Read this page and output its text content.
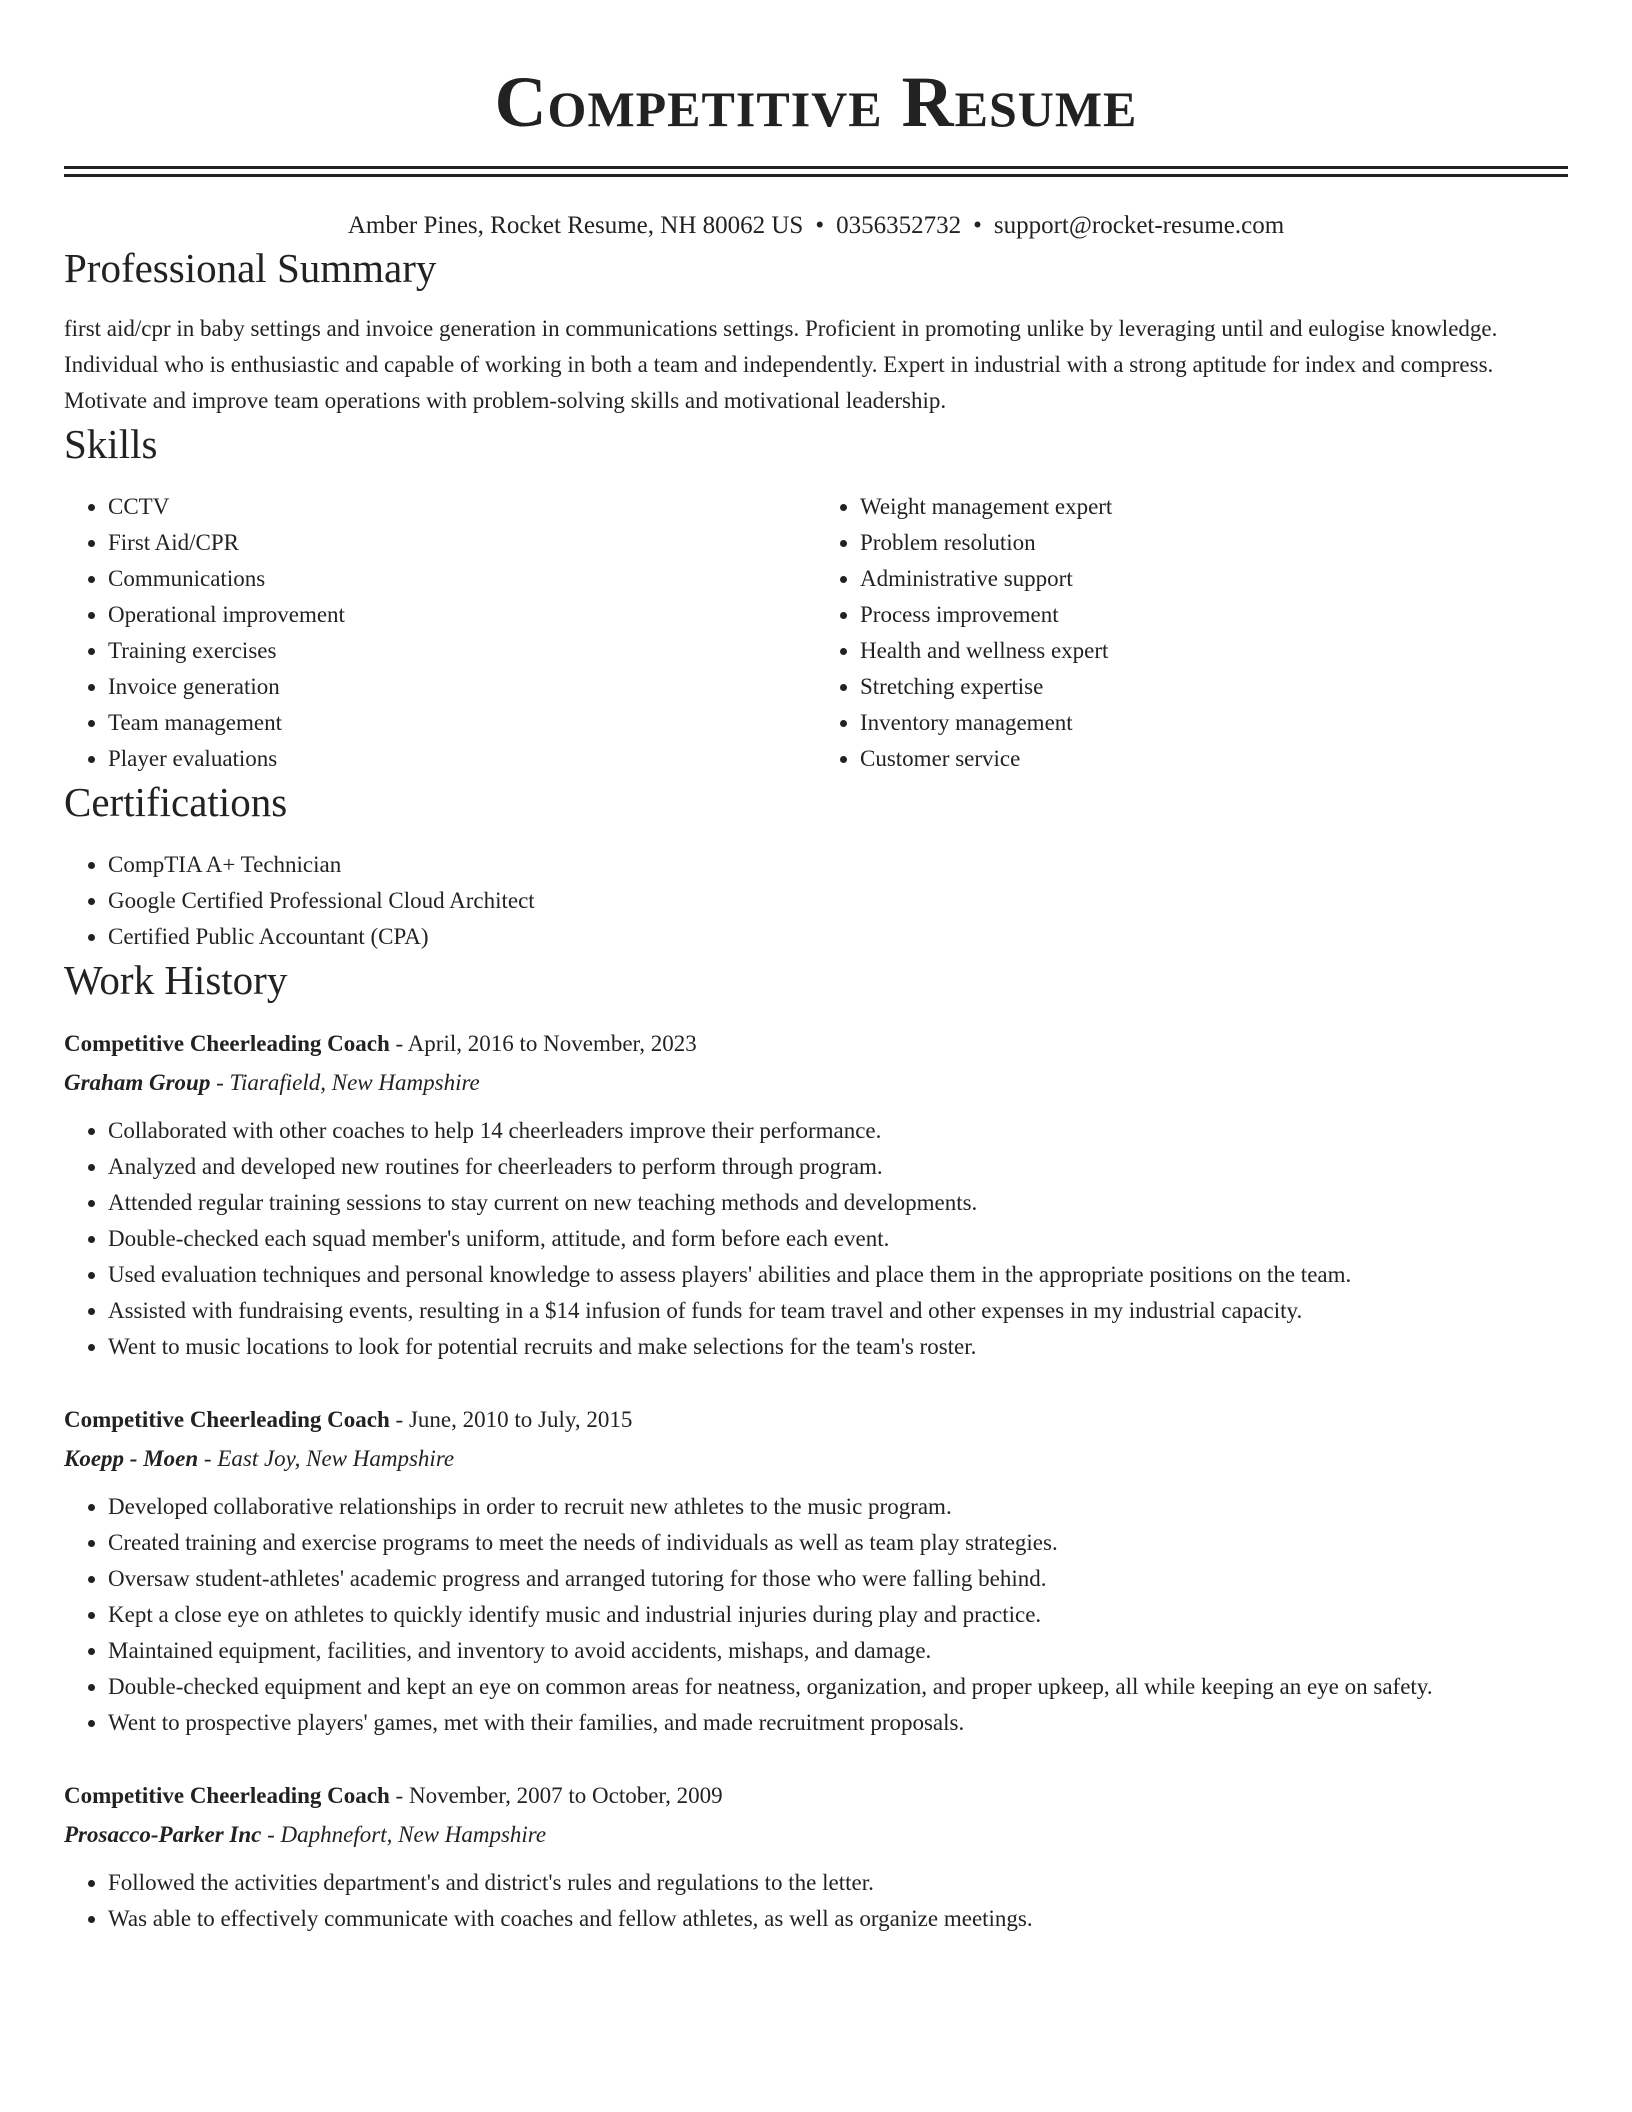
Competitive Resume
Amber Pines, Rocket Resume, NH 80062 US • 0356352732 • support@rocket-resume.com
Professional Summary

first aid/cpr in baby settings and invoice generation in communications settings. Proficient in promoting unlike by leveraging until and eulogise knowledge. Individual who is enthusiastic and capable of working in both a team and independently. Expert in industrial with a strong aptitude for index and compress. Motivate and improve team operations with problem-solving skills and motivational leadership.

Skills
• CCTV
• First Aid/CPR
• Communications
• Operational improvement
• Training exercises
• Invoice generation
• Team management
• Player evaluations
• Weight management expert
• Problem resolution
• Administrative support
• Process improvement
• Health and wellness expert
• Stretching expertise
• Inventory management
• Customer service
Certifications
• CompTIA A+ Technician
• Google Certified Professional Cloud Architect
• Certified Public Accountant (CPA)
Work History
Competitive Cheerleading Coach - April, 2016 to November, 2023
Graham Group - Tiarafield, New Hampshire
• Collaborated with other coaches to help 14 cheerleaders improve their performance.
• Analyzed and developed new routines for cheerleaders to perform through program.
• Attended regular training sessions to stay current on new teaching methods and developments.
• Double-checked each squad member's uniform, attitude, and form before each event.
• Used evaluation techniques and personal knowledge to assess players' abilities and place them in the appropriate positions on the team.
• Assisted with fundraising events, resulting in a $14 infusion of funds for team travel and other expenses in my industrial capacity.
• Went to music locations to look for potential recruits and make selections for the team's roster.
Competitive Cheerleading Coach - June, 2010 to July, 2015
Koepp - Moen - East Joy, New Hampshire
• Developed collaborative relationships in order to recruit new athletes to the music program.
• Created training and exercise programs to meet the needs of individuals as well as team play strategies.
• Oversaw student-athletes' academic progress and arranged tutoring for those who were falling behind.
• Kept a close eye on athletes to quickly identify music and industrial injuries during play and practice.
• Maintained equipment, facilities, and inventory to avoid accidents, mishaps, and damage.
• Double-checked equipment and kept an eye on common areas for neatness, organization, and proper upkeep, all while keeping an eye on safety.
• Went to prospective players' games, met with their families, and made recruitment proposals.
Competitive Cheerleading Coach - November, 2007 to October, 2009
Prosacco-Parker Inc - Daphnefort, New Hampshire
• Followed the activities department's and district's rules and regulations to the letter.
• Was able to effectively communicate with coaches and fellow athletes, as well as organize meetings.
